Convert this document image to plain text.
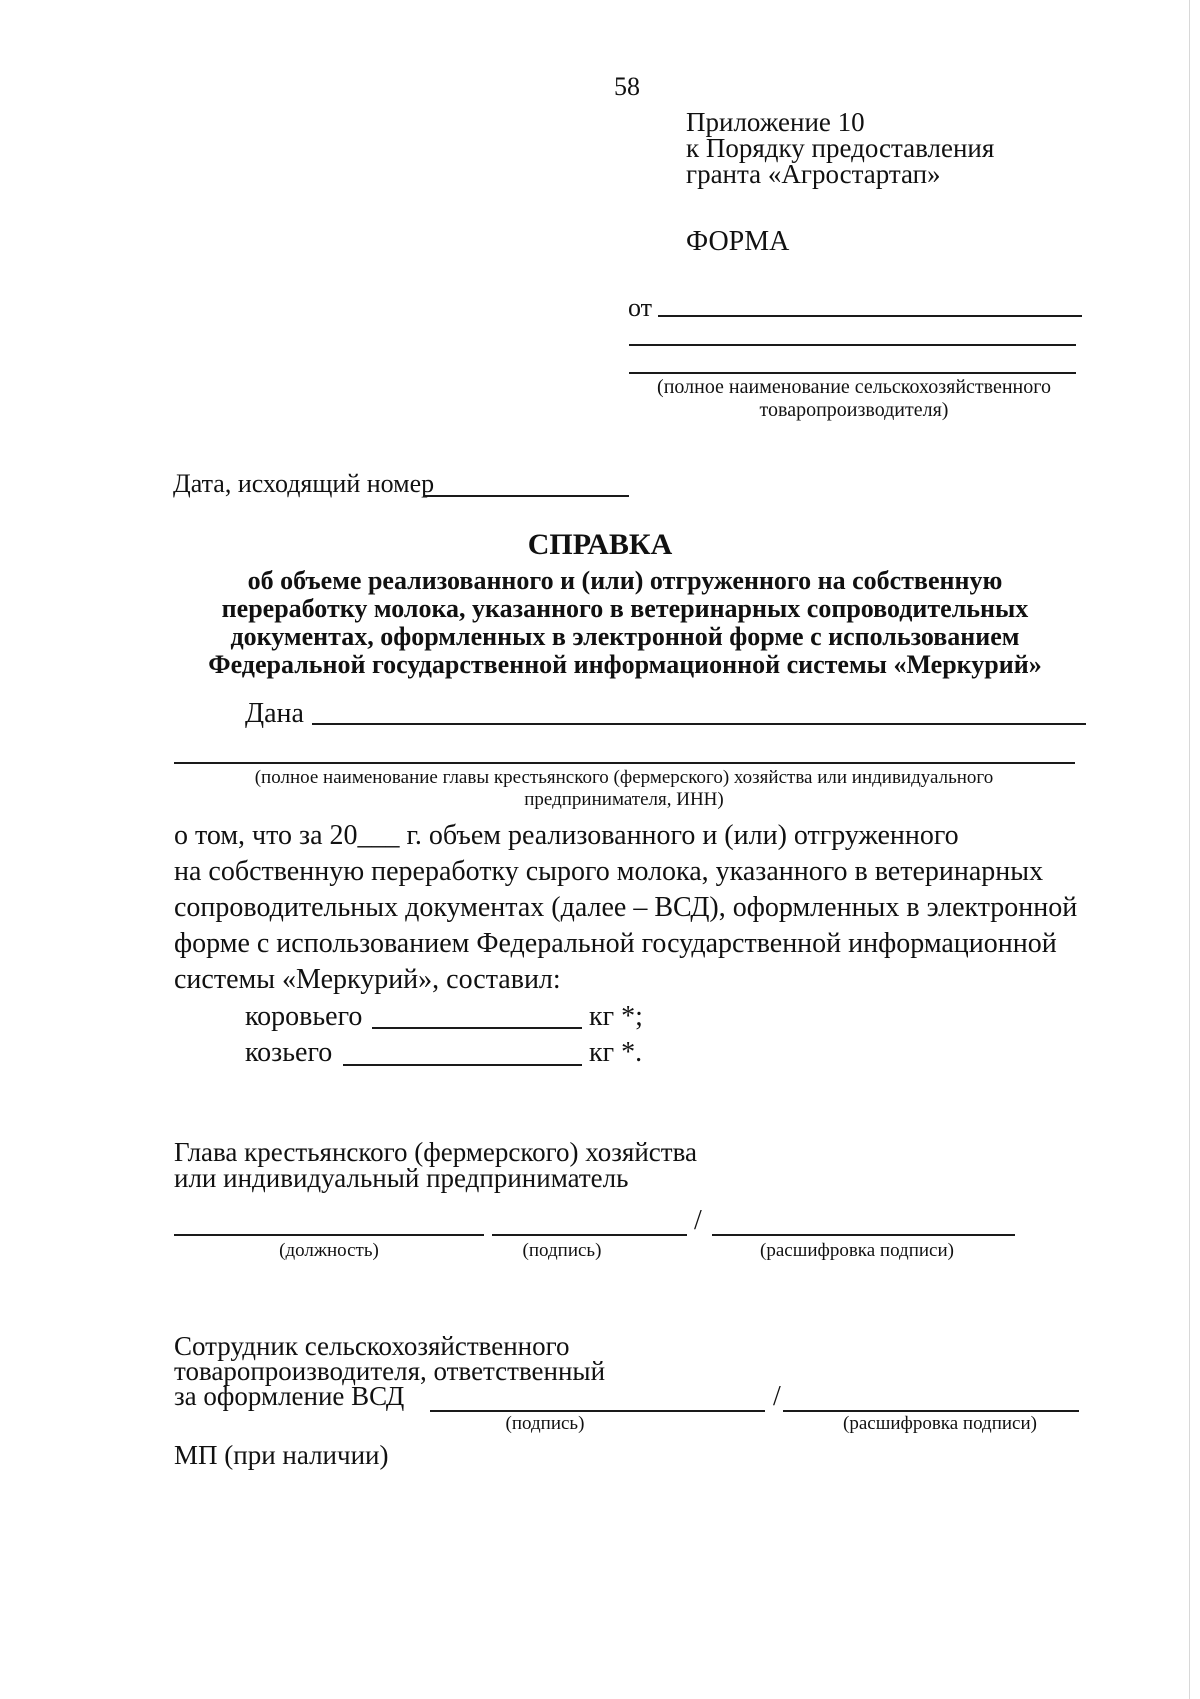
58
Приложение 10
к Порядку предоставления
гранта «Агростартап»
ФОРМА
от
(полное наименование сельскохозяйственного
товаропроизводителя)
Дата, исходящий номер
СПРАВКА
об объеме реализованного и (или) отгруженного на собственную
переработку молока, указанного в ветеринарных сопроводительных
документах, оформленных в электронной форме с использованием
Федеральной государственной информационной системы «Меркурий»
Дана
(полное наименование главы крестьянского (фермерского) хозяйства или индивидуального
предпринимателя, ИНН)
о том, что за 20___ г. объем реализованного и (или) отгруженного
на собственную переработку сырого молока, указанного в ветеринарных
сопроводительных документах (далее – ВСД), оформленных в электронной
форме с использованием Федеральной государственной информационной
системы «Меркурий», составил:
коровьего	кг *;
козьего	кг *.
Глава крестьянского (фермерского) хозяйства
или индивидуальный предприниматель
/
(должность)	(подпись)	(расшифровка подписи)
Сотрудник сельскохозяйственного
товаропроизводителя, ответственный
за оформление ВСД	/
(подпись)	(расшифровка подписи)
МП (при наличии)
